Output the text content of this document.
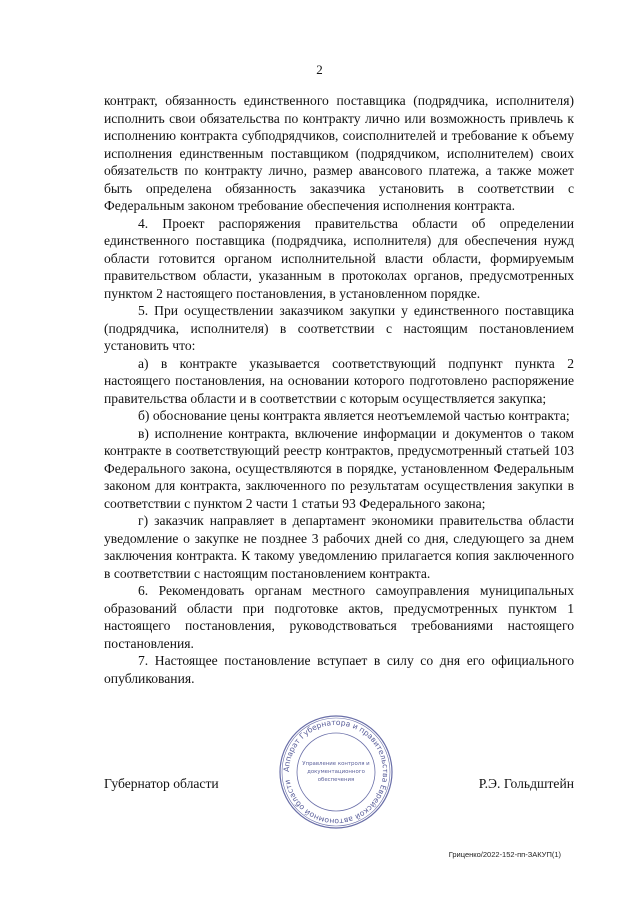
2

контракт, обязанность единственного поставщика (подрядчика, исполнителя) исполнить свои обязательства по контракту лично или возможность привлечь к исполнению контракта субподрядчиков, соисполнителей и требование к объему исполнения единственным поставщиком (подрядчиком, исполнителем) своих обязательств по контракту лично, размер авансового платежа, а также может быть определена обязанность заказчика установить в соответствии с Федеральным законом требование обеспечения исполнения контракта.

4. Проект распоряжения правительства области об определении единственного поставщика (подрядчика, исполнителя) для обеспечения нужд области готовится органом исполнительной власти области, формируемым правительством области, указанным в протоколах органов, предусмотренных пунктом 2 настоящего постановления, в установленном порядке.

5. При осуществлении заказчиком закупки у единственного поставщика (подрядчика, исполнителя) в соответствии с настоящим постановлением установить что:

а) в контракте указывается соответствующий подпункт пункта 2 настоящего постановления, на основании которого подготовлено распоряжение правительства области и в соответствии с которым осуществляется закупка;

б) обоснование цены контракта является неотъемлемой частью контракта;

в) исполнение контракта, включение информации и документов о таком контракте в соответствующий реестр контрактов, предусмотренный статьей 103 Федерального закона, осуществляются в порядке, установленном Федеральным законом для контракта, заключенного по результатам осуществления закупки в соответствии с пунктом 2 части 1 статьи 93 Федерального закона;

г) заказчик направляет в департамент экономики правительства области уведомление о закупке не позднее 3 рабочих дней со дня, следующего за днем заключения контракта. К такому уведомлению прилагается копия заключенного в соответствии с настоящим постановлением контракта.

6. Рекомендовать органам местного самоуправления муниципальных образований области при подготовке актов, предусмотренных пунктом 1 настоящего постановления, руководствоваться требованиями настоящего постановления.

7. Настоящее постановление вступает в силу со дня его официального опубликования.

Аппарат Губернатора и правительства Еврейской автономной области
Управление контроля и
документационного
обеспечения
Губернатор области	Р.Э. Гольдштейн
Гриценко/2022-152-пп-ЗАКУП(1)
